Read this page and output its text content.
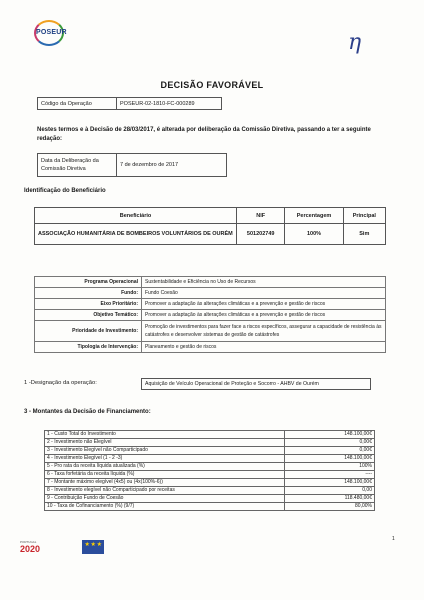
POSEUR	η
DECISÃO FAVORÁVEL
Código da Operação	POSEUR-02-1810-FC-000289
Nestes termos e à Decisão de 28/03/2017, é alterada por deliberação da Comissão Diretiva, passando a ter a seguinte redação:
Data da Deliberação da Comissão Diretiva	7 de dezembro de 2017
Identificação do Beneficiário
Beneficiário	NIF	Percentagem	Principal
ASSOCIAÇÃO HUMANITÁRIA DE BOMBEIROS VOLUNTÁRIOS DE OURÉM	501202749	100%	Sim
Programa Operacional	Sustentabilidade e Eficiência no Uso de Recursos
Fundo:	Fundo Coesão
Eixo Prioritário:	Promover a adaptação às alterações climáticas e a prevenção e gestão de riscos
Objetivo Temático:	Promover a adaptação às alterações climáticas e a prevenção e gestão de riscos
Prioridade de Investimento:	Promoção de investimentos para fazer face a riscos específicos, assegurar a capacidade de resistência às catástrofes e desenvolver sistemas de gestão de catástrofes
Tipologia de Intervenção:	Planeamento e gestão de riscos
1 -Designação da operação:	Aquisição de Veículo Operacional de Proteção e Socorro - AHBV de Ourém
3 - Montantes da Decisão de Financiamento:
1 - Custo Total do Investimento	148.100,00€
2 - Investimento não Elegível	0,00€
3 - Investimento Elegível não Comparticipado	0,00€
4 - Investimento Elegível (1 - 2 -3)	148.100,00€
5 - Pro rata da receita líquida atualizada (%)	100%
6 - Taxa forfetária da receita líquida (%)	----
7 - Montante máximo elegível (4x5) ou (4x(100%-6))	148.100,00€
8 - Investimento elegível não Comparticipado por receitas	0,00
9 - Contribuição Fundo de Coesão	118.480,00€
10 - Taxa de Cofinanciamento (%) (9/7)	80,00%
PORTUGAL
2020	★ ★ ★
1
